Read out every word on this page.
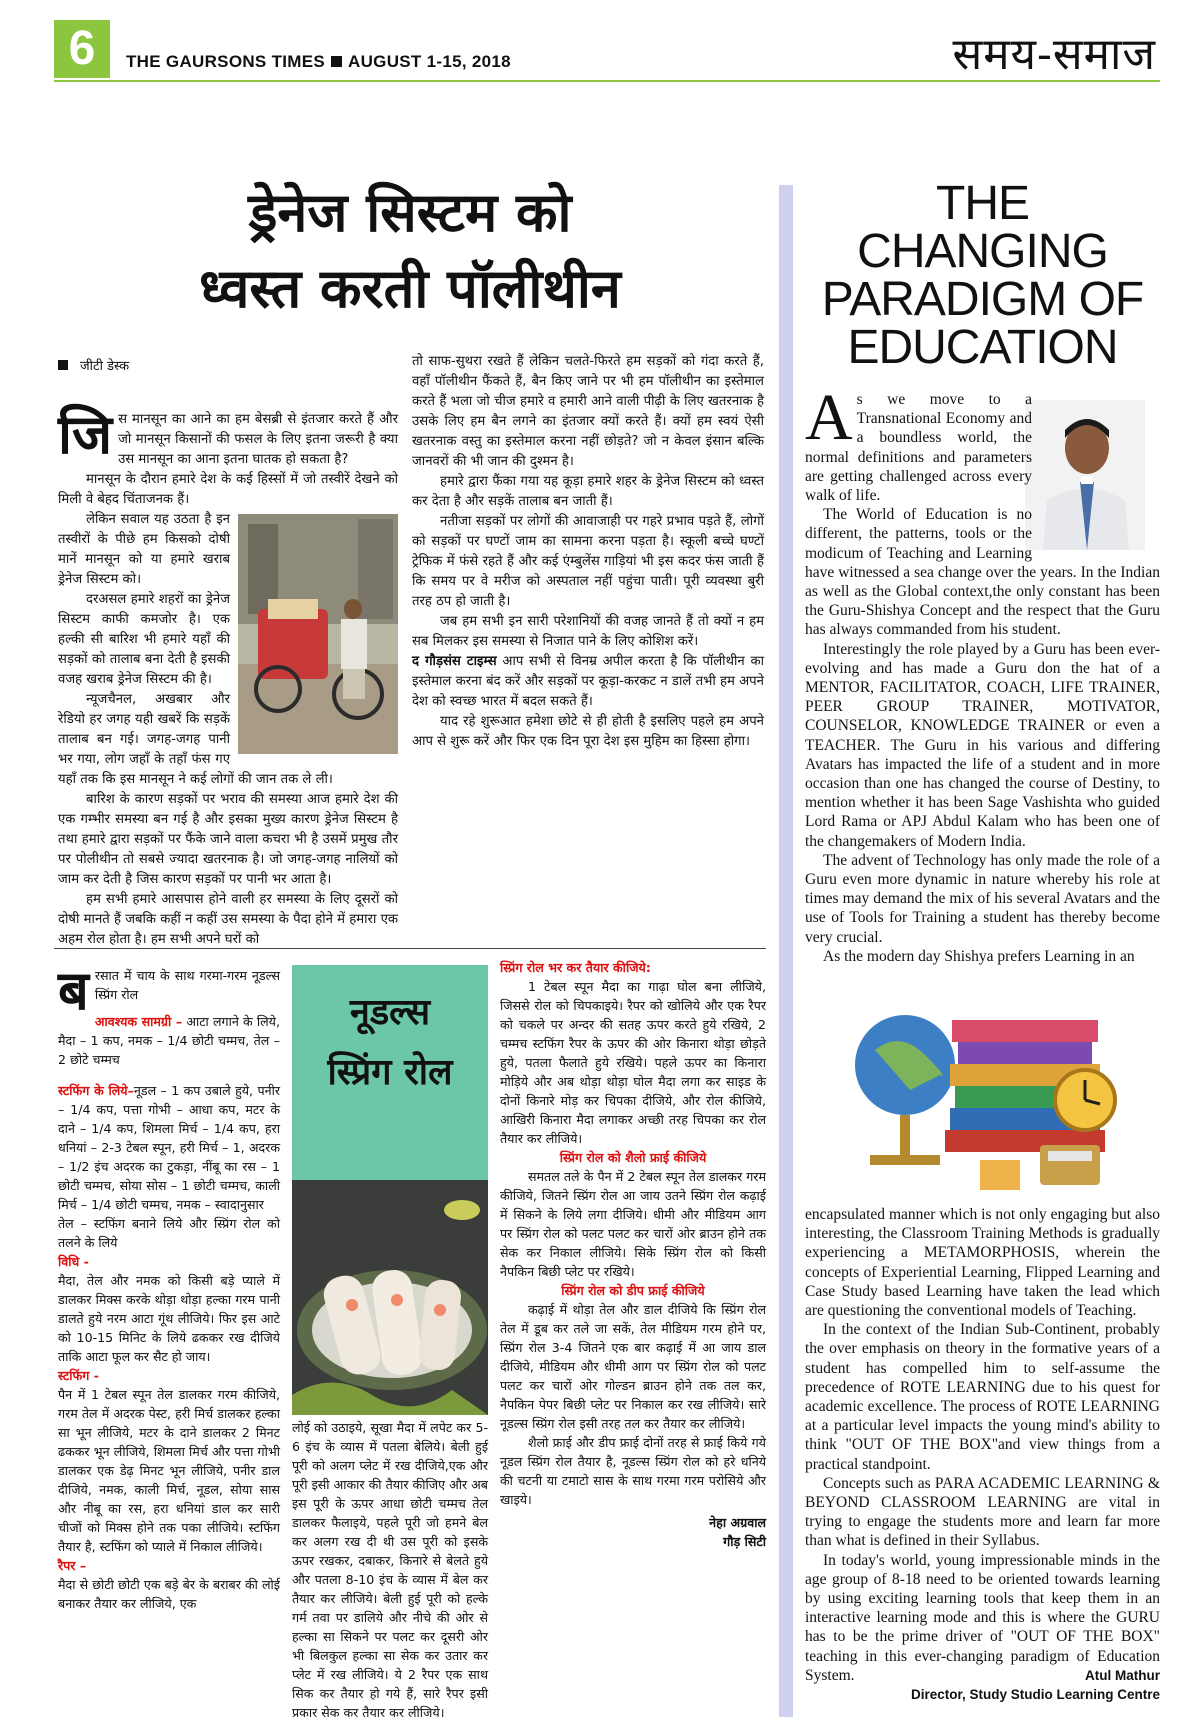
6	THE GAURSONS TIMES AUGUST 1-15, 2018	समय-समाज
ड्रेनेज सिस्टम को
ध्वस्त करती पॉलीथीन
जीटी डेस्क

जिस मानसून का आने का हम बेसब्री से इंतजार करते हैं और जो मानसून किसानों की फसल के लिए इतना जरूरी है क्या उस मानसून का आना इतना घातक हो सकता है?

मानसून के दौरान हमारे देश के कई हिस्सों में जो तस्वीरें देखने को मिली वे बेहद चिंताजनक हैं।

लेकिन सवाल यह उठता है इन तस्वीरों के पीछे हम किसको दोषी मानें मानसून को या हमारे खराब ड्रेनेज सिस्टम को।

दरअसल हमारे शहरों का ड्रेनेज सिस्टम काफी कमजोर है। एक हल्की सी बारिश भी हमारे यहाँ की सड़कों को तालाब बना देती है इसकी वजह खराब ड्रेनेज सिस्टम की है।

न्यूजचैनल, अखबार और रेडियो हर जगह यही खबरें कि सड़कें तालाब बन गई। जगह-जगह पानी भर गया, लोग जहाँ के तहाँ फंस गए यहाँ तक कि इस मानसून ने कई लोगों की जान तक ले ली।

बारिश के कारण सड़कों पर भराव की समस्या आज हमारे देश की एक गम्भीर समस्या बन गई है और इसका मुख्य कारण ड्रेनेज सिस्टम है तथा हमारे द्वारा सड़कों पर फैंके जाने वाला कचरा भी है उसमें प्रमुख तौर पर पोलीथीन तो सबसे ज्यादा खतरनाक है। जो जगह-जगह नालियों को जाम कर देती है जिस कारण सड़कों पर पानी भर आता है।

हम सभी हमारे आसपास होने वाली हर समस्या के लिए दूसरों को दोषी मानते हैं जबकि कहीं न कहीं उस समस्या के पैदा होने में हमारा एक अहम रोल होता है। हम सभी अपने घरों को

तो साफ-सुथरा रखते हैं लेकिन चलते-फिरते हम सड़कों को गंदा करते हैं, वहाँ पॉलीथीन फैंकते हैं, बैन किए जाने पर भी हम पॉलीथीन का इस्तेमाल करते हैं भला जो चीज हमारे व हमारी आने वाली पीढ़ी के लिए खतरनाक है उसके लिए हम बैन लगने का इंतजार क्यों करते हैं। क्यों हम स्वयं ऐसी खतरनाक वस्तु का इस्तेमाल करना नहीं छोड़ते? जो न केवल इंसान बल्कि जानवरों की भी जान की दुश्मन है।

हमारे द्वारा फैंका गया यह कूड़ा हमारे शहर के ड्रेनेज सिस्टम को ध्वस्त कर देता है और सड़कें तालाब बन जाती हैं।

नतीजा सड़कों पर लोगों की आवाजाही पर गहरे प्रभाव पड़ते हैं, लोगों को सड़कों पर घण्टों जाम का सामना करना पड़ता है। स्कूली बच्चे घण्टों ट्रेफिक में फंसे रहते हैं और कई एंम्बुलेंस गाड़ियां भी इस कदर फंस जाती हैं कि समय पर वे मरीज को अस्पताल नहीं पहुंचा पाती। पूरी व्यवस्था बुरी तरह ठप हो जाती है।

जब हम सभी इन सारी परेशानियों की वजह जानते हैं तो क्यों न हम सब मिलकर इस समस्या से निजात पाने के लिए कोशिश करें।

द गौड़संस टाइम्स आप सभी से विनम्र अपील करता है कि पॉलीथीन का इस्तेमाल करना बंद करें और सड़कों पर कूड़ा-करकट न डालें तभी हम अपने देश को स्वच्छ भारत में बदल सकते हैं।

याद रहे शुरूआत हमेशा छोटे से ही होती है इसलिए पहले हम अपने आप से शुरू करें और फिर एक दिन पूरा देश इस मुहिम का हिस्सा होगा।

बरसात में चाय के साथ गरमा-गरम नूडल्स स्प्रिंग रोल

आवश्यक सामग्री – आटा लगाने के लिये, मैदा – 1 कप, नमक – 1/4 छोटी चम्मच, तेल – 2 छोटे चम्मच

स्टफिंग के लिये–नूडल – 1 कप उबाले हुये, पनीर – 1/4 कप, पत्ता गोभी – आधा कप, मटर के दाने – 1/4 कप, शिमला मिर्च – 1/4 कप, हरा धनियां – 2-3 टेबल स्पून, हरी मिर्च – 1, अदरक – 1/2 इंच अदरक का टुकड़ा, नींबू का रस – 1 छोटी चम्मच, सोया सोस – 1 छोटी चम्मच, काली मिर्च – 1/4 छोटी चम्मच, नमक – स्वादानुसार

तेल – स्टफिंग बनाने लिये और स्प्रिंग रोल को तलने के लिये

विधि -

मैदा, तेल और नमक को किसी बड़े प्याले में डालकर मिक्स करके थोड़ा थोड़ा हल्का गरम पानी डालते हुये नरम आटा गूंथ लीजिये। फिर इस आटे को 10-15 मिनिट के लिये ढककर रख दीजिये ताकि आटा फूल कर सैट हो जाय।

स्टफिंग -

पैन में 1 टेबल स्पून तेल डालकर गरम कीजिये, गरम तेल में अदरक पेस्ट, हरी मिर्च डालकर हल्का सा भून लीजिये, मटर के दाने डालकर 2 मिनट ढककर भून लीजिये, शिमला मिर्च और पत्ता गोभी डालकर एक डेढ़ मिनट भून लीजिये, पनीर डाल दीजिये, नमक, काली मिर्च, नूडल, सोया सास और नीबू का रस, हरा धनियां डाल कर सारी चीजों को मिक्स होने तक पका लीजिये। स्टफिंग तैयार है, स्टफिंग को प्याले में निकाल लीजिये।

रैपर –

मैदा से छोटी छोटी एक बड़े बेर के बराबर की लोई बनाकर तैयार कर लीजिये, एक

नूडल्स
स्प्रिंग रोल

लोई को उठाइये, सूखा मैदा में लपेट कर 5-6 इंच के व्यास में पतला बेलिये। बेली हुई पूरी को अलग प्लेट में रख दीजिये,एक और पूरी इसी आकार की तैयार कीजिए और अब इस पूरी के ऊपर आधा छोटी चम्मच तेल डालकर फैलाइये, पहले पूरी जो हमने बेल कर अलग रख दी थी उस पूरी को इसके ऊपर रखकर, दबाकर, किनारे से बेलते हुये और पतला 8-10 इंच के व्यास में बेल कर तैयार कर लीजिये। बेली हुई पूरी को हल्के गर्म तवा पर डालिये और नीचे की ओर से हल्का सा सिकने पर पलट कर दूसरी ओर भी बिलकुल हल्का सा सेक कर उतार कर प्लेट में रख लीजिये। ये 2 रैपर एक साथ सिक कर तैयार हो गये हैं, सारे रैपर इसी प्रकार सेक कर तैयार कर लीजिये।

स्प्रिंग रोल भर कर तैयार कीजिये:

1 टेबल स्पून मैदा का गाढ़ा घोल बना लीजिये, जिससे रोल को चिपकाइये। रैपर को खोलिये और एक रैपर को चकले पर अन्दर की सतह ऊपर करते हुये रखिये, 2 चम्मच स्टफिंग रैपर के ऊपर की ओर किनारा थोड़ा छोड़ते हुये, पतला फैलाते हुये रखिये। पहले ऊपर का किनारा मोड़िये और अब थोड़ा थोड़ा घोल मैदा लगा कर साइड के दोनों किनारे मोड़ कर चिपका दीजिये, और रोल कीजिये, आखिरी किनारा मैदा लगाकर अच्छी तरह चिपका कर रोल तैयार कर लीजिये।

स्प्रिंग रोल को शैलो फ्राई कीजिये

समतल तले के पैन में 2 टेबल स्पून तेल डालकर गरम कीजिये, जितने स्प्रिंग रोल आ जाय उतने स्प्रिंग रोल कढ़ाई में सिकने के लिये लगा दीजिये। धीमी और मीडियम आग पर स्प्रिंग रोल को पलट पलट कर चारों ओर ब्राउन होने तक सेक कर निकाल लीजिये। सिके स्प्रिंग रोल को किसी नैपकिन बिछी प्लेट पर रखिये।

स्प्रिंग रोल को डीप फ्राई कीजिये

कढ़ाई में थोड़ा तेल और डाल दीजिये कि स्प्रिंग रोल तेल में डूब कर तले जा सकें, तेल मीडियम गरम होने पर, स्प्रिंग रोल 3-4 जितने एक बार कढ़ाई में आ जाय डाल दीजिये, मीडियम और धीमी आग पर स्प्रिंग रोल को पलट पलट कर चारों ओर गोल्डन ब्राउन होने तक तल कर, नैपकिन पेपर बिछी प्लेट पर निकाल कर रख लीजिये। सारे नूडल्स स्प्रिंग रोल इसी तरह तल कर तैयार कर लीजिये।

शैलो फ्राई और डीप फ्राई दोनों तरह से फ्राई किये गये नूडल स्प्रिंग रोल तैयार है, नूडल्स स्प्रिंग रोल को हरे धनिये की चटनी या टमाटो सास के साथ गरमा गरम परोसिये और खाइये।

नेहा अग्रवाल

गौड़ सिटी

THE
CHANGING
PARADIGM OF
EDUCATION

As we move to a Transnational Economy and a boundless world, the normal definitions and parameters are getting challenged across every walk of life.

The World of Education is no different, the patterns, tools or the modicum of Teaching and Learning have witnessed a sea change over the years. In the Indian as well as the Global context,the only constant has been the Guru-Shishya Concept and the respect that the Guru has always commanded from his student.

Interestingly the role played by a Guru has been ever-evolving and has made a Guru don the hat of a MENTOR, FACILITATOR, COACH, LIFE TRAINER, PEER GROUP TRAINER, MOTIVATOR, COUNSELOR, KNOWLEDGE TRAINER or even a TEACHER. The Guru in his various and differing Avatars has impacted the life of a student and in more occasion than one has changed the course of Destiny, to mention whether it has been Sage Vashishta who guided Lord Rama or APJ Abdul Kalam who has been one of the changemakers of Modern India.

The advent of Technology has only made the role of a Guru even more dynamic in nature whereby his role at times may demand the mix of his several Avatars and the use of Tools for Training a student has thereby become very crucial.

As the modern day Shishya prefers Learning in an

encapsulated manner which is not only engaging but also interesting, the Classroom Training Methods is gradually experiencing a METAMORPHOSIS, wherein the concepts of Experiential Learning, Flipped Learning and Case Study based Learning have taken the lead which are questioning the conventional models of Teaching.

In the context of the Indian Sub-Continent, probably the over emphasis on theory in the formative years of a student has compelled him to self-assume the precedence of ROTE LEARNING due to his quest for academic excellence. The process of ROTE LEARNING at a particular level impacts the young mind's ability to think "OUT OF THE BOX"and view things from a practical standpoint.

Concepts such as PARA ACADEMIC LEARNING & BEYOND CLASSROOM LEARNING are vital in trying to engage the students more and learn far more than what is defined in their Syllabus.

In today's world, young impressionable minds in the age group of 8-18 need to be oriented towards learning by using exciting learning tools that keep them in an interactive learning mode and this is where the GURU has to be the prime driver of "OUT OF THE BOX" teaching in this ever-changing paradigm of Education System.	Atul Mathur
Director, Study Studio Learning Centre
